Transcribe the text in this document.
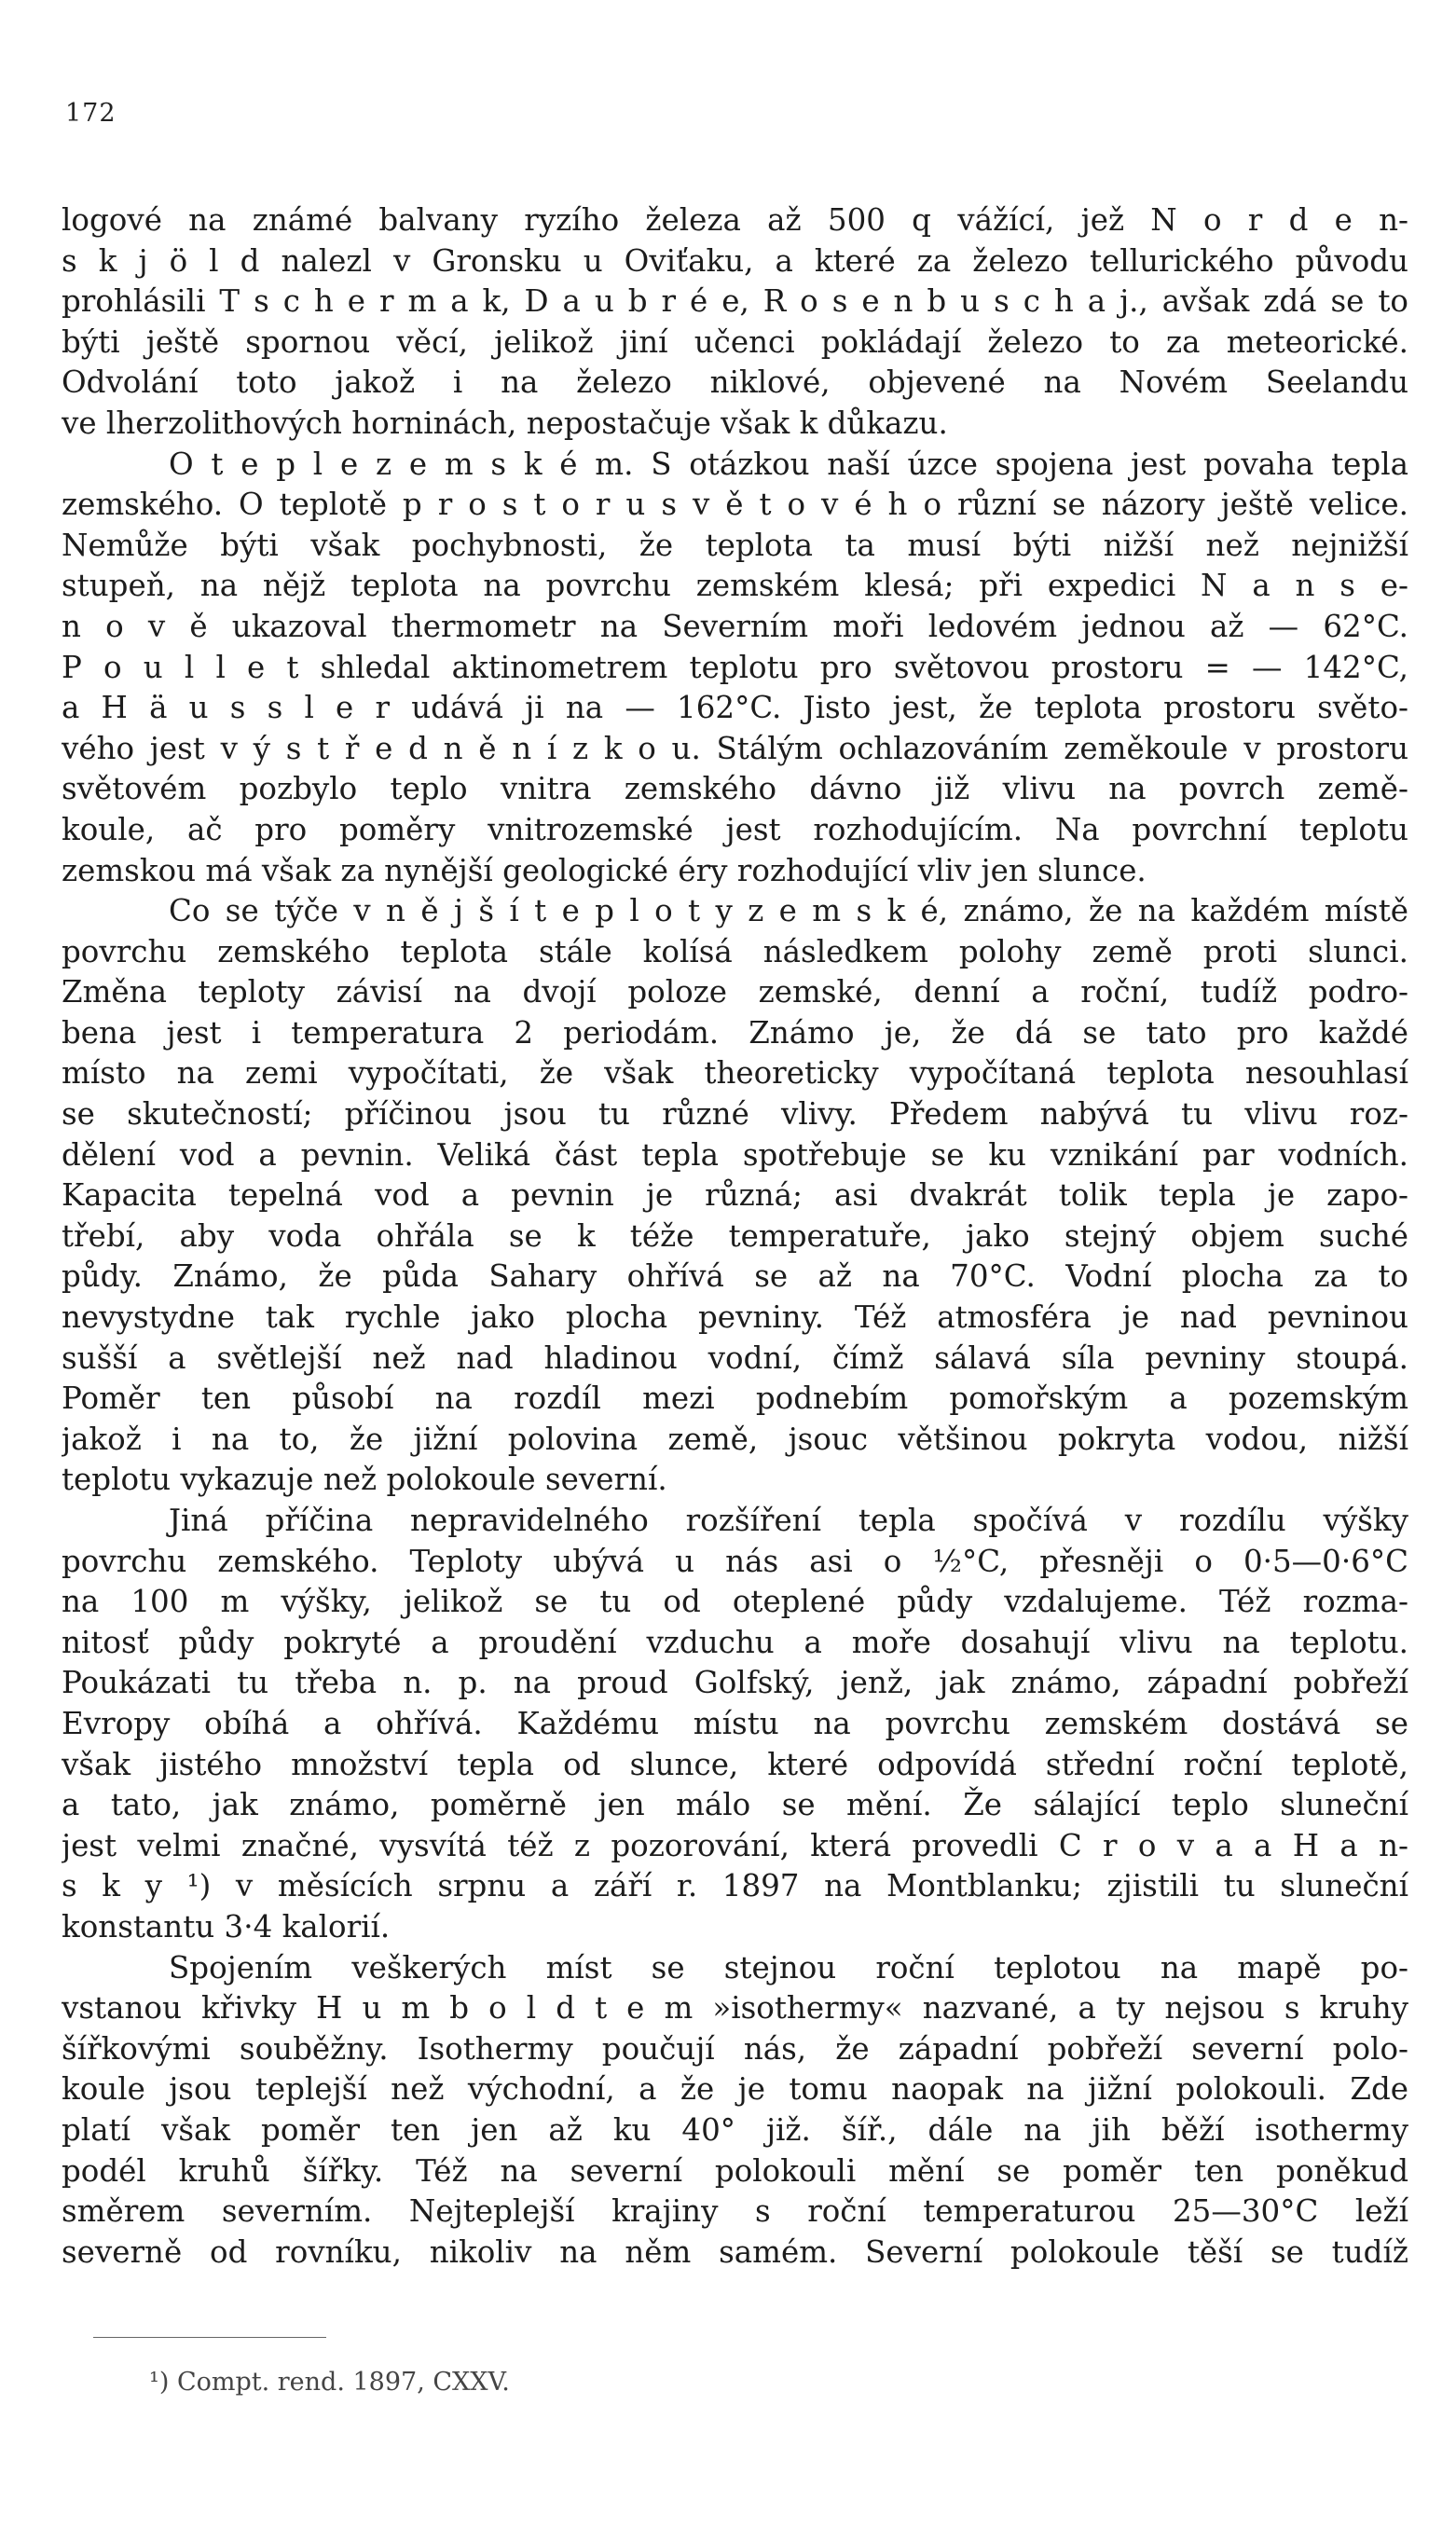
172
logové na známé balvany ryzího železa až 500 q vážící, jež N o r d e n-
s k j ö l d nalezl v Gronsku u Oviťaku, a které za železo tellurického původu
prohlásili T s c h e r m a k, D a u b r é e, R o s e n b u s c h a j., avšak zdá se to
býti ještě spornou věcí, jelikož jiní učenci pokládají železo to za meteorické.
Odvolání toto jakož i na železo niklové, objevené na Novém Seelandu
ve lherzolithových horninách, nepostačuje však k důkazu.
O t e p l e z e m s k é m. S otázkou naší úzce spojena jest povaha tepla
zemského. O teplotě p r o s t o r u s v ě t o v é h o různí se názory ještě velice.
Nemůže býti však pochybnosti, že teplota ta musí býti nižší než nejnižší
stupeň, na nějž teplota na povrchu zemském klesá; při expedici N a n s e-
n o v ě ukazoval thermometr na Severním moři ledovém jednou až — 62°C.
P o u l l e t shledal aktinometrem teplotu pro světovou prostoru = — 142°C,
a H ä u s s l e r udává ji na — 162°C. Jisto jest, že teplota prostoru světo-
vého jest v ý s t ř e d n ě n í z k o u. Stálým ochlazováním zeměkoule v prostoru
světovém pozbylo teplo vnitra zemského dávno již vlivu na povrch země-
koule, ač pro poměry vnitrozemské jest rozhodujícím. Na povrchní teplotu
zemskou má však za nynější geologické éry rozhodující vliv jen slunce.
Co se týče v n ě j š í t e p l o t y z e m s k é, známo, že na každém místě
povrchu zemského teplota stále kolísá následkem polohy země proti slunci.
Změna teploty závisí na dvojí poloze zemské, denní a roční, tudíž podro-
bena jest i temperatura 2 periodám. Známo je, že dá se tato pro každé
místo na zemi vypočítati, že však theoreticky vypočítaná teplota nesouhlasí
se skutečností; příčinou jsou tu různé vlivy. Předem nabývá tu vlivu roz-
dělení vod a pevnin. Veliká část tepla spotřebuje se ku vznikání par vodních.
Kapacita tepelná vod a pevnin je různá; asi dvakrát tolik tepla je zapo-
třebí, aby voda ohřála se k téže temperatuře, jako stejný objem suché
půdy. Známo, že půda Sahary ohřívá se až na 70°C. Vodní plocha za to
nevystydne tak rychle jako plocha pevniny. Též atmosféra je nad pevninou
sušší a světlejší než nad hladinou vodní, čímž sálavá síla pevniny stoupá.
Poměr ten působí na rozdíl mezi podnebím pomořským a pozemským
jakož i na to, že jižní polovina země, jsouc většinou pokryta vodou, nižší
teplotu vykazuje než polokoule severní.
Jiná příčina nepravidelného rozšíření tepla spočívá v rozdílu výšky
povrchu zemského. Teploty ubývá u nás asi o ½°C, přesněji o 0·5—0·6°C
na 100 m výšky, jelikož se tu od oteplené půdy vzdalujeme. Též rozma-
nitosť půdy pokryté a proudění vzduchu a moře dosahují vlivu na teplotu.
Poukázati tu třeba n. p. na proud Golfský, jenž, jak známo, západní pobřeží
Evropy obíhá a ohřívá. Každému místu na povrchu zemském dostává se
však jistého množství tepla od slunce, které odpovídá střední roční teplotě,
a tato, jak známo, poměrně jen málo se mění. Že sálající teplo sluneční
jest velmi značné, vysvítá též z pozorování, která provedli C r o v a a H a n-
s k y ¹) v měsících srpnu a září r. 1897 na Montblanku; zjistili tu sluneční
konstantu 3·4 kalorií.
Spojením veškerých míst se stejnou roční teplotou na mapě po-
vstanou křivky H u m b o l d t e m »isothermy« nazvané, a ty nejsou s kruhy
šířkovými souběžny. Isothermy poučují nás, že západní pobřeží severní polo-
koule jsou teplejší než východní, a že je tomu naopak na jižní polokouli. Zde
platí však poměr ten jen až ku 40° již. šíř., dále na jih běží isothermy
podél kruhů šířky. Též na severní polokouli mění se poměr ten poněkud
směrem severním. Nejteplejší krajiny s roční temperaturou 25—30°C leží
severně od rovníku, nikoliv na něm samém. Severní polokoule těší se tudíž
¹) Compt. rend. 1897, CXXV.
